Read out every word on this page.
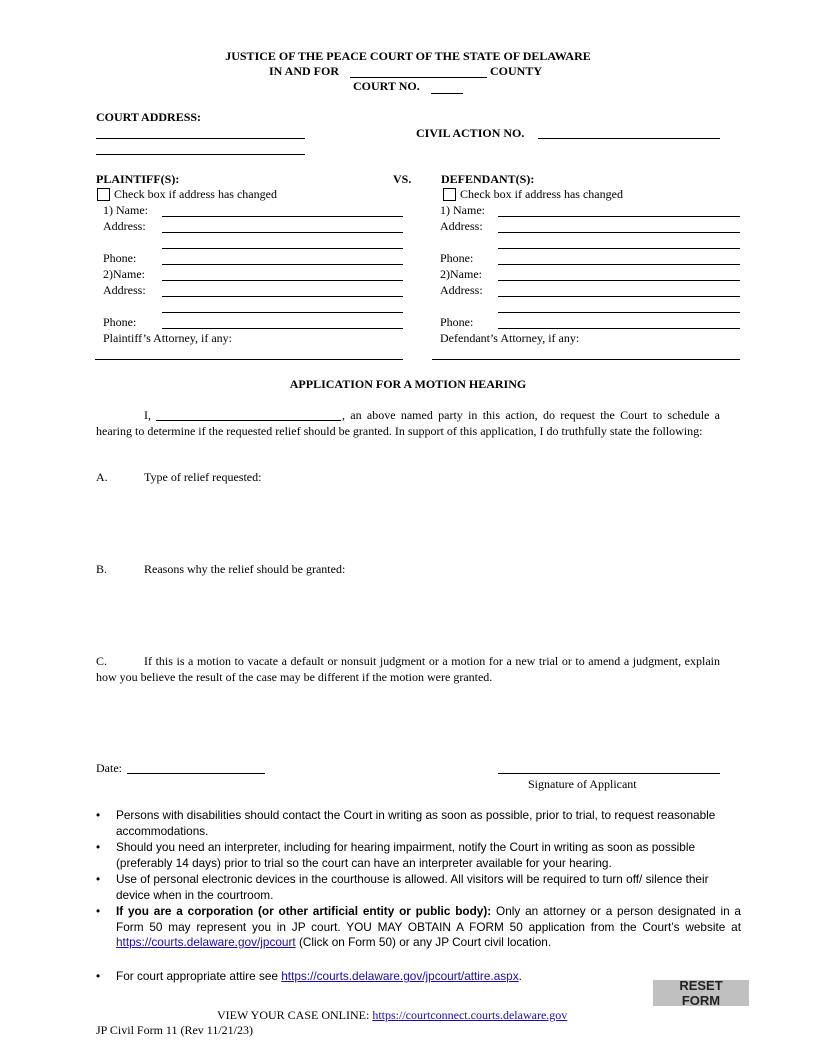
JUSTICE OF THE PEACE COURT OF THE STATE OF DELAWARE
IN AND FOR	COUNTY
COURT NO.
COURT ADDRESS:
CIVIL ACTION NO.
PLAINTIFF(S):	VS.
Check box if address has changed
1) Name:
Address:
Phone:
2)Name:
Address:
Phone:
Plaintiff’s Attorney, if any:
DEFENDANT(S):
Check box if address has changed
1) Name:
Address:
Phone:
2)Name:
Address:
Phone:
Defendant’s Attorney, if any:
APPLICATION FOR A MOTION HEARING
I,	, an above named party in this action, do request the Court to schedule a hearing to determine if the requested relief should be granted. In support of this application, I do truthfully state the following:
A.	Type of relief requested:
B.	Reasons why the relief should be granted:
C.	If this is a motion to vacate a default or nonsuit judgment or a motion for a new trial or to amend a judgment, explain how you believe the result of the case may be different if the motion were granted.
Date:
Signature of Applicant
• Persons with disabilities should contact the Court in writing as soon as possible, prior to trial, to request reasonable accommodations.
• Should you need an interpreter, including for hearing impairment, notify the Court in writing as soon as possible (preferably 14 days) prior to trial so the court can have an interpreter available for your hearing.
• Use of personal electronic devices in the courthouse is allowed. All visitors will be required to turn off/ silence their device when in the courtroom.
• If you are a corporation (or other artificial entity or public body): Only an attorney or a person designated in a Form 50 may represent you in JP court. YOU MAY OBTAIN A FORM 50 application from the Court’s website at https://courts.delaware.gov/jpcourt (Click on Form 50) or any JP Court civil location.
• For court appropriate attire see https://courts.delaware.gov/jpcourt/attire.aspx.
RESET FORM
VIEW YOUR CASE ONLINE: https://courtconnect.courts.delaware.gov
JP Civil Form 11 (Rev 11/21/23)
